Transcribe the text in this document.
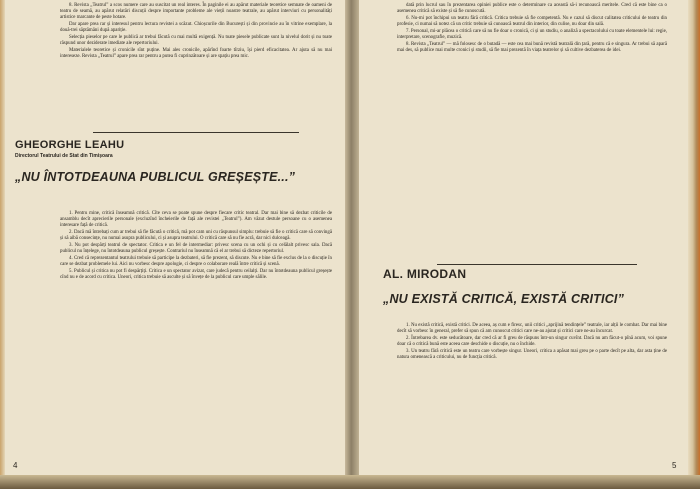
8. Revista „Teatrul” a scos numere care au suscitat un real interes. În paginile ei au apărut materiale teoretice semnate de oameni de teatru de seamă, au apărut relatări discuții despre importante probleme ale vieții noastre teatrale, au apărut interviuri cu personalități artistice marcante de peste hotare.

Dar apare prea rar și interesul pentru lectura revistei a scăzut. Chioșcurile din București și din provincie au în vitrine exemplare, la două-trei săptămâni după apariție.

Selecția pieselor pe care le publică ar trebui făcută cu mai multă exigență. Nu toate piesele publicate sunt la nivelul dorit și nu toate răspund unor deziderate imediate ale repertoriului.

Materialele teoretice și cronicile sînt puține. Mai ales cronicile, apărînd foarte tîrziu, își pierd eficacitatea. Ar ajuta să nu mai intereseze. Revista „Teatrul” apare prea rar pentru a putea fi cuprinzătoare și are spațiu prea mic.

GHEORGHE LEAHU
Directorul Teatrului de Stat din Timișoara
„NU ÎNTOTDEAUNA PUBLICUL GREȘEȘTE...”

1. Pentru mine, critică înseamnă critică. Cîte ceva se poate spune despre fiecare critic teatral. Dar mai bine să dezbat criticile de ansamblu decît aprecierile personale (excluzînd încheierile de față ale revistei „Teatrul”). Am văzut destule persoane cu o asemenea interesare față de critică.

2. Dacă mă întrebați cum ar trebui să fie făcută o critică, mă pot cam uni cu răspunsul simplu: trebuie să fie o critică care să convingă și să aibă consecințe, nu numai asupra publicului, ci și asupra teatrului. O critică care să nu fie acră, dar nici dulceagă.

3. Nu pot despărți teatrul de spectator. Critica e un fel de intermediar: privesc scena cu un ochi și cu celălalt privesc sala. Dacă publicul nu înțelege, nu întotdeauna publicul greșește. Contrariul nu înseamnă că el ar trebui să dicteze repertoriul.

4. Cred că reprezentantul teatrului trebuie să participe la dezbateri, să fie prezent, să discute. Nu e bine să fie exclus de la o discuție în care se dezbat problemele lui. Aici nu vorbesc despre apologie, ci despre o colaborare reală între critică și scenă.

5. Publicul și critica nu pot fi despărțiți. Critica e un spectator avizat, care judecă pentru ceilalți. Dar nu întotdeauna publicul greșește cînd nu e de acord cu critica. Uneori, critica trebuie să asculte și să învețe de la publicul care umple sălile.

4

dată prin lucrul sau în prezentarea opiniei publice este o determinare ca această să-i recunoască meritele. Cred că este bine ca o asemenea critică să existe și să fie cunoscută.

6. Nu-mi pot închipui un teatru fără critică. Critica trebuie să fie competentă. Nu e cazul să discut calitatea criticului de teatru din profesie, ci numai să notez că un critic trebuie să cunoască teatrul din interior, din culise, nu doar din sală.

7. Personal, mi-ar plăcea o critică care să nu fie doar o cronică, ci și un studiu, o analiză a spectacolului cu toate elementele lui: regie, interpretare, scenografie, muzică.

8. Revista „Teatrul” — mă folosesc de o butadă — este cea mai bună revistă teatrală din țară, pentru că e singura. Ar trebui să apară mai des, să publice mai multe cronici și studii, să fie mai prezentă în viața teatrelor și să cultive dezbaterea de idei.

AL. MIRODAN
„NU EXISTĂ CRITICĂ, EXISTĂ CRITICI”

1. Nu există critică, există critici. De aceea, aș cum e firesc, unii critici „aprijină tendințele” teatrale, iar alții le combat. Dar mai bine decît să vorbesc în general, prefer să spun că am cunoscut critici care ne-au ajutat și critici care ne-au încurcat.

2. Întrebarea dv. este seducătoare, dar cred că ar fi greu de răspuns într-un singur cuvînt. Dacă nu am făcut-o pînă acum, voi spune doar că o critică bună este aceea care deschide o discuție, nu o închide.

3. Un teatru fără critică este un teatru care vorbește singur. Uneori, critica a apăsat mai greu pe o parte decît pe alta, dar asta ține de natura omenească a criticului, nu de funcția critică.

5
